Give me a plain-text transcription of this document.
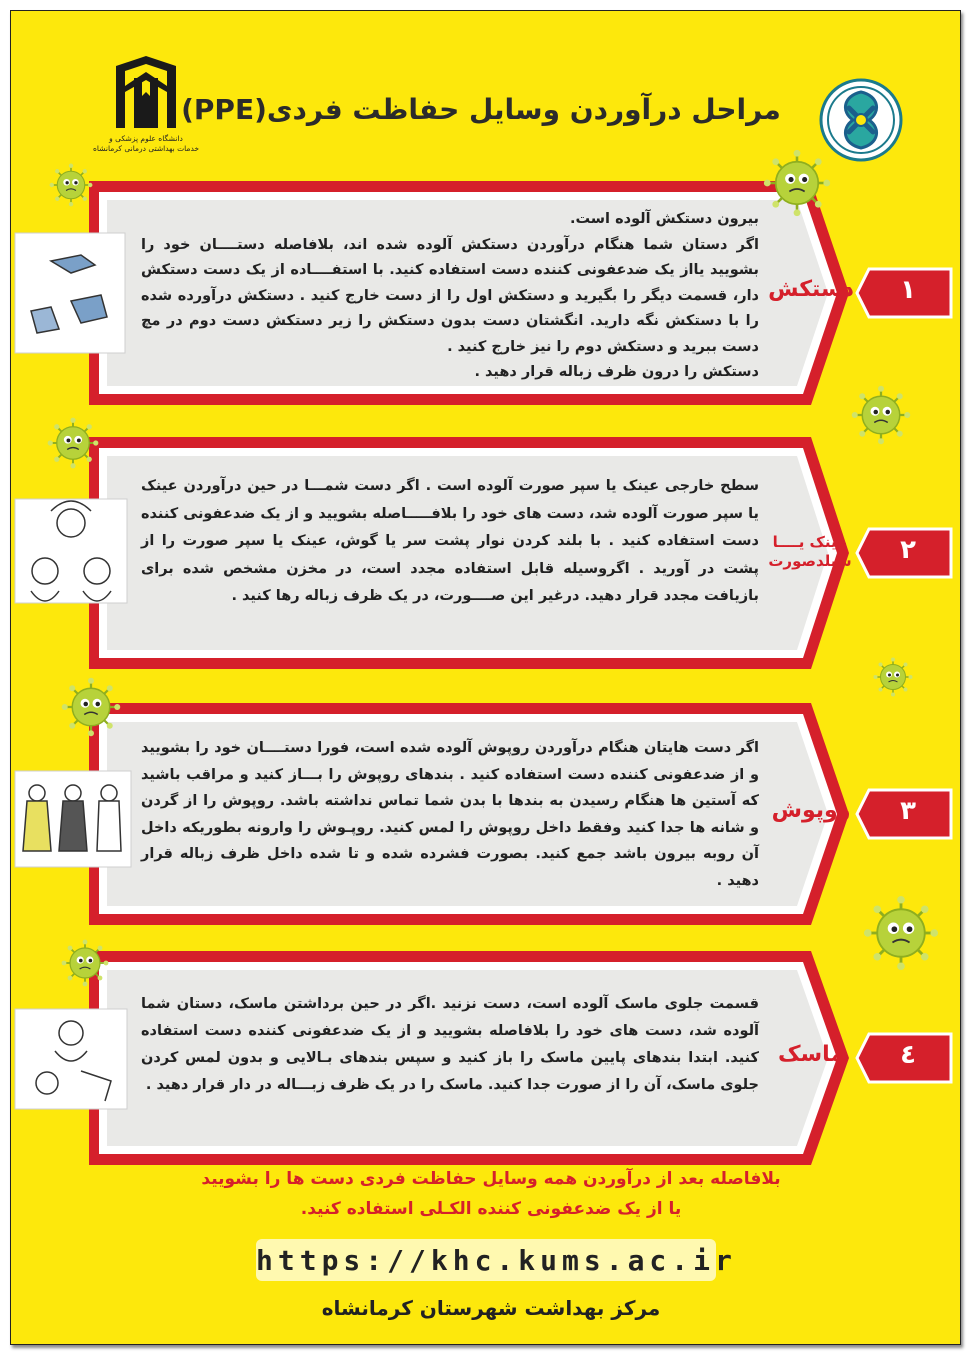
دانشگاه علوم پزشکی و
خدمات بهداشتی درمانی کرمانشاه
مراحل درآوردن وسایل حفاظت فردی(PPE)
بیرون دستکش آلوده است.
اگر دستان شما هنگام درآوردن دستکش آلوده شده اند، بلافاصله دستــــان خود را بشویید یااز یک ضدعفونی کننده دست استفاده کنید. با استفــــاده از یک دست دستکش دار، قسمت دیگر را بگیرید و دستکش اول را از دست خارج کنید . دستکش درآورده شده را با دستکش نگه دارید. انگشتان دست بدون دستکش را زیر دستکش دست دوم در مچ دست ببرید و دستکش دوم را نیز خارج کنید .
دستکش را درون ظرف زباله قرار دهید .
دستکش	۱
سطح خارجی عینک یا سپر صورت آلوده است . اگر دست شمـــا در حین درآوردن عینک یا سپر صورت آلوده شد، دست های خود را بلافـــــاصله بشویید و از یک ضدعفونی کننده دست استفاده کنید . با بلند کردن نوار پشت سر یا گوش، عینک یا سپر صورت را از پشت در آورید . اگروسیله قابل استفاده مجدد است، در مخزن مشخص شده برای بازیافت مجدد قرار دهید. درغیر این صــــورت، در یک ظرف زباله رها کنید .
عینک یــــا
شیلدصورت	۲
اگر دست هایتان هنگام درآوردن روپوش آلوده شده است، فورا دستــــان خود را بشویید و از ضدعفونی کننده دست استفاده کنید . بندهای روپوش را بـــاز کنید و مراقب باشید که آستین ها هنگام رسیدن به بندها با بدن شما تماس نداشته باشد. روپوش را از گردن و شانه ها جدا کنید وفقط داخل روپوش را لمس کنید. روپـوش را وارونه بطوریکه داخل آن روبه بیرون باشد جمع کنید. بصورت فشرده شده و تا شده داخل ظرف زباله قرار دهید .
روپوش	۳
قسمت جلوی ماسک آلوده است، دست نزنید .اگر در حین برداشتن ماسک، دستان شما آلوده شد، دست های خود را بلافاصله بشویید و از یک ضدعفونی کننده دست استفاده کنید. ابتدا بندهای پایین ماسک را باز کنید و سپس بندهای بـالایی و بدون لمس کردن جلوی ماسک، آن را از صورت جدا کنید. ماسک را در یک ظرف زبـــاله در دار قرار دهید .
ماسک	٤
بلافاصله بعد از درآوردن همه وسایل حفاظت فردی دست ها را بشویید
یا از یک ضدعفونی کننده الکـلی استفاده کنید.
https://khc.kums.ac.ir
مرکز بهداشت شهرستان کرمانشاه
